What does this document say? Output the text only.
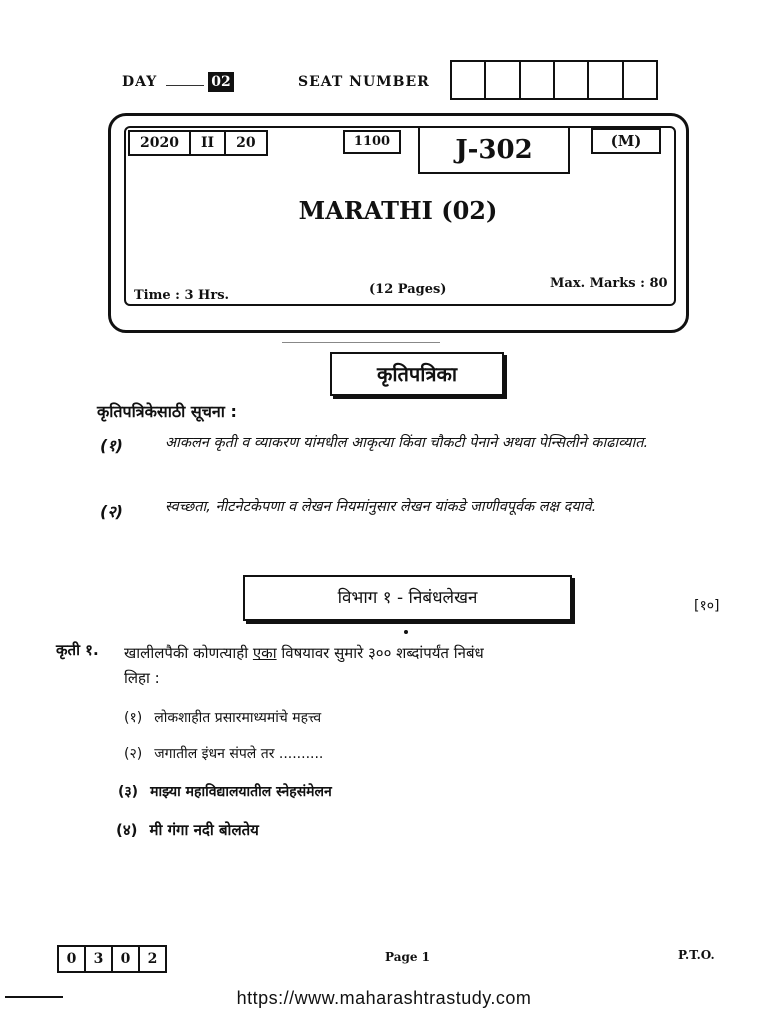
DAY	02	SEAT NUMBER
2020	II	20	1100	J-302	(M)
MARATHI (02)
Time : 3 Hrs.	(12 Pages)	Max. Marks : 80
कृतिपत्रिका
कृतिपत्रिकेसाठी सूचना :
(१)	आकलन कृती व व्याकरण यांमधील आकृत्या किंवा चौकटी पेनाने अथवा पेन्सिलीने काढाव्यात.
(२)	स्वच्छता, नीटनेटकेपणा व लेखन नियमांनुसार लेखन यांकडे जाणीवपूर्वक लक्ष दयावे.
विभाग १ - निबंधलेखन	[१०]
कृती १. खालीलपैकी कोणत्याही एका विषयावर सुमारे ३०० शब्दांपर्यंत निबंध
लिहा :
(१) लोकशाहीत प्रसारमाध्यमांचे महत्त्व
(२) जगातील इंधन संपले तर ..........
(३) माझ्या महाविद्यालयातील स्नेहसंमेलन
(४) मी गंगा नदी बोलतेय
0	3	0	2	Page 1	P.T.O.
https://www.maharashtrastudy.com
